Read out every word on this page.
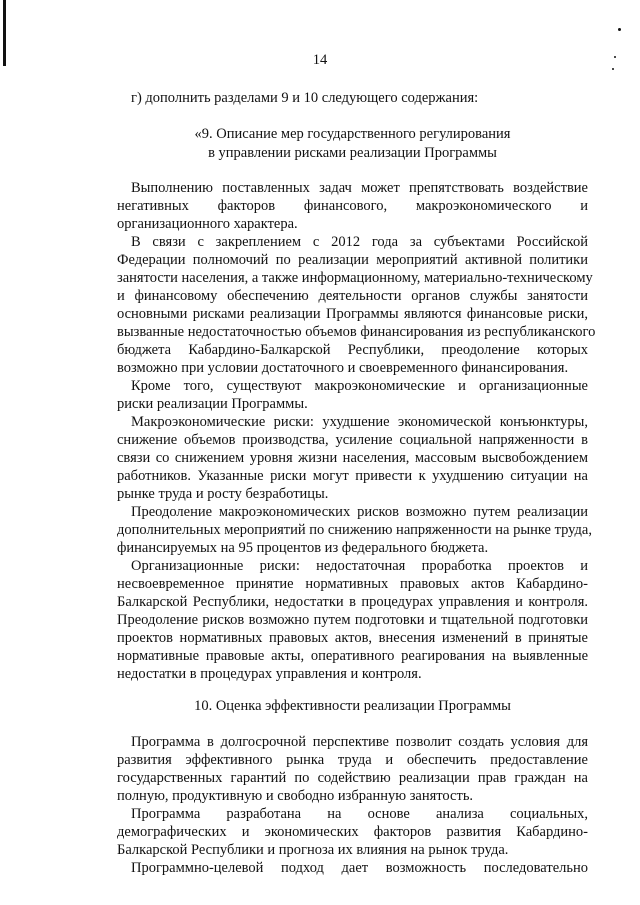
14
г) дополнить разделами 9 и 10 следующего содержания:
«9. Описание мер государственного регулирования
в управлении рисками реализации Программы
Выполнению поставленных задач может препятствовать воздействие
негативных факторов финансового, макроэкономического и
организационного характера.
В связи с закреплением с 2012 года за субъектами Российской
Федерации полномочий по реализации мероприятий активной политики
занятости населения, а также информационному, материально-техническому
и финансовому обеспечению деятельности органов службы занятости
основными рисками реализации Программы являются финансовые риски,
вызванные недостаточностью объемов финансирования из республиканского
бюджета Кабардино-Балкарской Республики, преодоление которых
возможно при условии достаточного и своевременного финансирования.
Кроме того, существуют макроэкономические и организационные
риски реализации Программы.
Макроэкономические риски: ухудшение экономической конъюнктуры,
снижение объемов производства, усиление социальной напряженности в
связи со снижением уровня жизни населения, массовым высвобождением
работников. Указанные риски могут привести к ухудшению ситуации на
рынке труда и росту безработицы.
Преодоление макроэкономических рисков возможно путем реализации
дополнительных мероприятий по снижению напряженности на рынке труда,
финансируемых на 95 процентов из федерального бюджета.
Организационные риски: недостаточная проработка проектов и
несвоевременное принятие нормативных правовых актов Кабардино-
Балкарской Республики, недостатки в процедурах управления и контроля.
Преодоление рисков возможно путем подготовки и тщательной подготовки
проектов нормативных правовых актов, внесения изменений в принятые
нормативные правовые акты, оперативного реагирования на выявленные
недостатки в процедурах управления и контроля.
10. Оценка эффективности реализации Программы
Программа в долгосрочной перспективе позволит создать условия для
развития эффективного рынка труда и обеспечить предоставление
государственных гарантий по содействию реализации прав граждан на
полную, продуктивную и свободно избранную занятость.
Программа разработана на основе анализа социальных,
демографических и экономических факторов развития Кабардино-
Балкарской Республики и прогноза их влияния на рынок труда.
Программно-целевой подход дает возможность последовательно
